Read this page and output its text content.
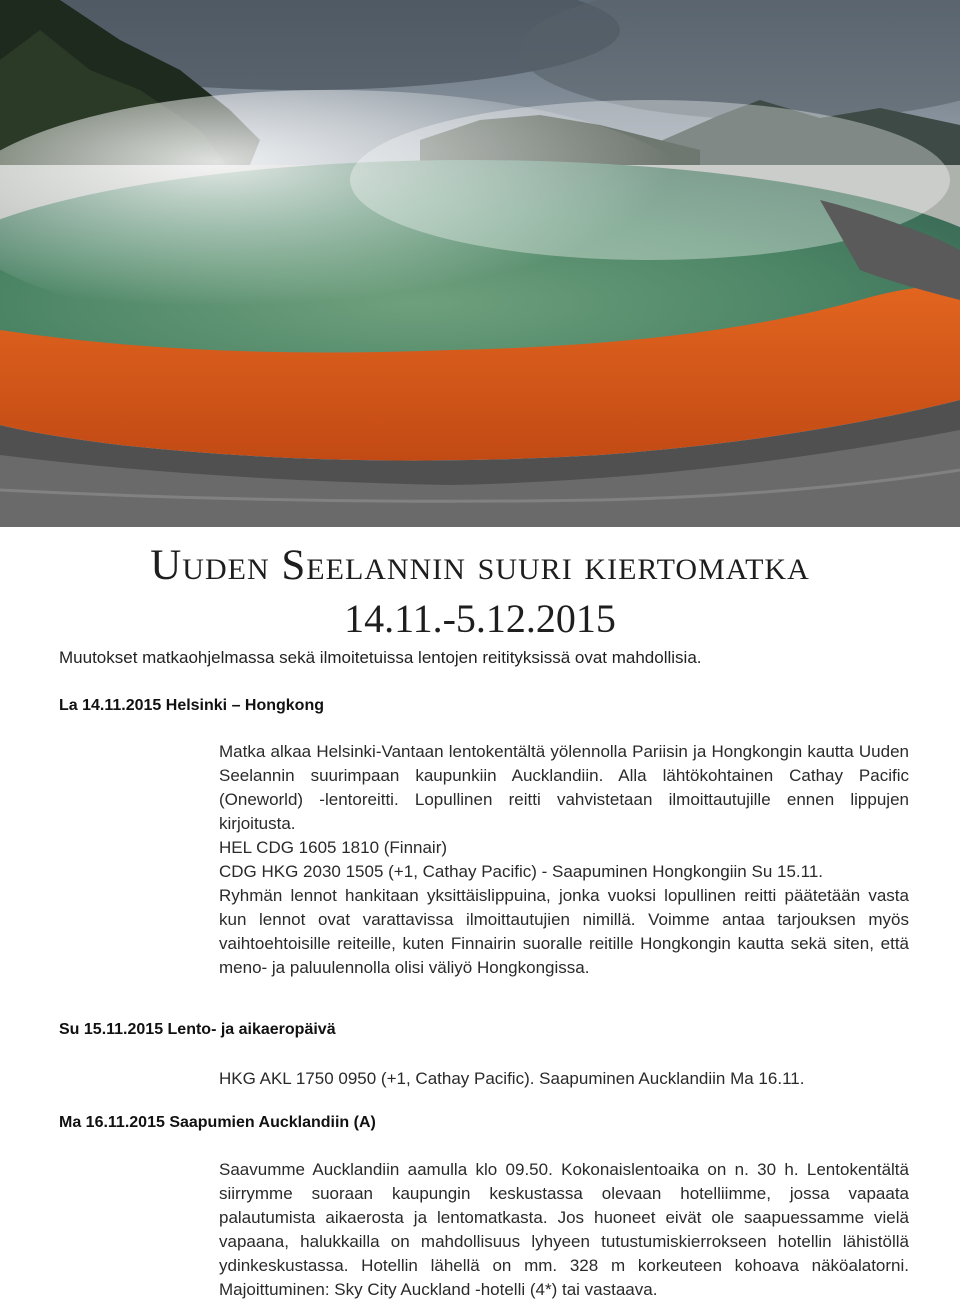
Uuden Seelannin suuri kiertomatka
14.11.-5.12.2015
Muutokset matkaohjelmassa sekä ilmoitetuissa lentojen reitityksissä ovat mahdollisia.
La 14.11.2015 Helsinki – Hongkong

Matka alkaa Helsinki-Vantaan lentokentältä yölennolla Pariisin ja Hongkongin kautta Uuden Seelannin suurimpaan kaupunkiin Aucklandiin. Alla lähtökohtainen Cathay Pacific (Oneworld) -lentoreitti. Lopullinen reitti vahvistetaan ilmoittautujille ennen lippujen kirjoitusta.

HEL CDG 1605 1810 (Finnair)

CDG HKG 2030 1505 (+1, Cathay Pacific) - Saapuminen Hongkongiin Su 15.11.

Ryhmän lennot hankitaan yksittäislippuina, jonka vuoksi lopullinen reitti päätetään vasta kun lennot ovat varattavissa ilmoittautujien nimillä. Voimme antaa tarjouksen myös vaihtoehtoisille reiteille, kuten Finnairin suoralle reitille Hongkongin kautta sekä siten, että meno- ja paluulennolla olisi väliyö Hongkongissa.

Su 15.11.2015 Lento- ja aikaeropäivä

HKG AKL 1750 0950 (+1, Cathay Pacific). Saapuminen Aucklandiin Ma 16.11.

Ma 16.11.2015 Saapumien Aucklandiin (A)

Saavumme Aucklandiin aamulla klo 09.50. Kokonaislentoaika on n. 30 h. Lentokentältä siirrymme suoraan kaupungin keskustassa olevaan hotelliimme, jossa vapaata palautumista aikaerosta ja lentomatkasta. Jos huoneet eivät ole saapuessamme vielä vapaana, halukkailla on mahdollisuus lyhyeen tutustumiskierrokseen hotellin lähistöllä ydinkeskustassa. Hotellin lähellä on mm. 328 m korkeuteen kohoava näköalatorni. Majoittuminen: Sky City Auckland -hotelli (4*) tai vastaava.
